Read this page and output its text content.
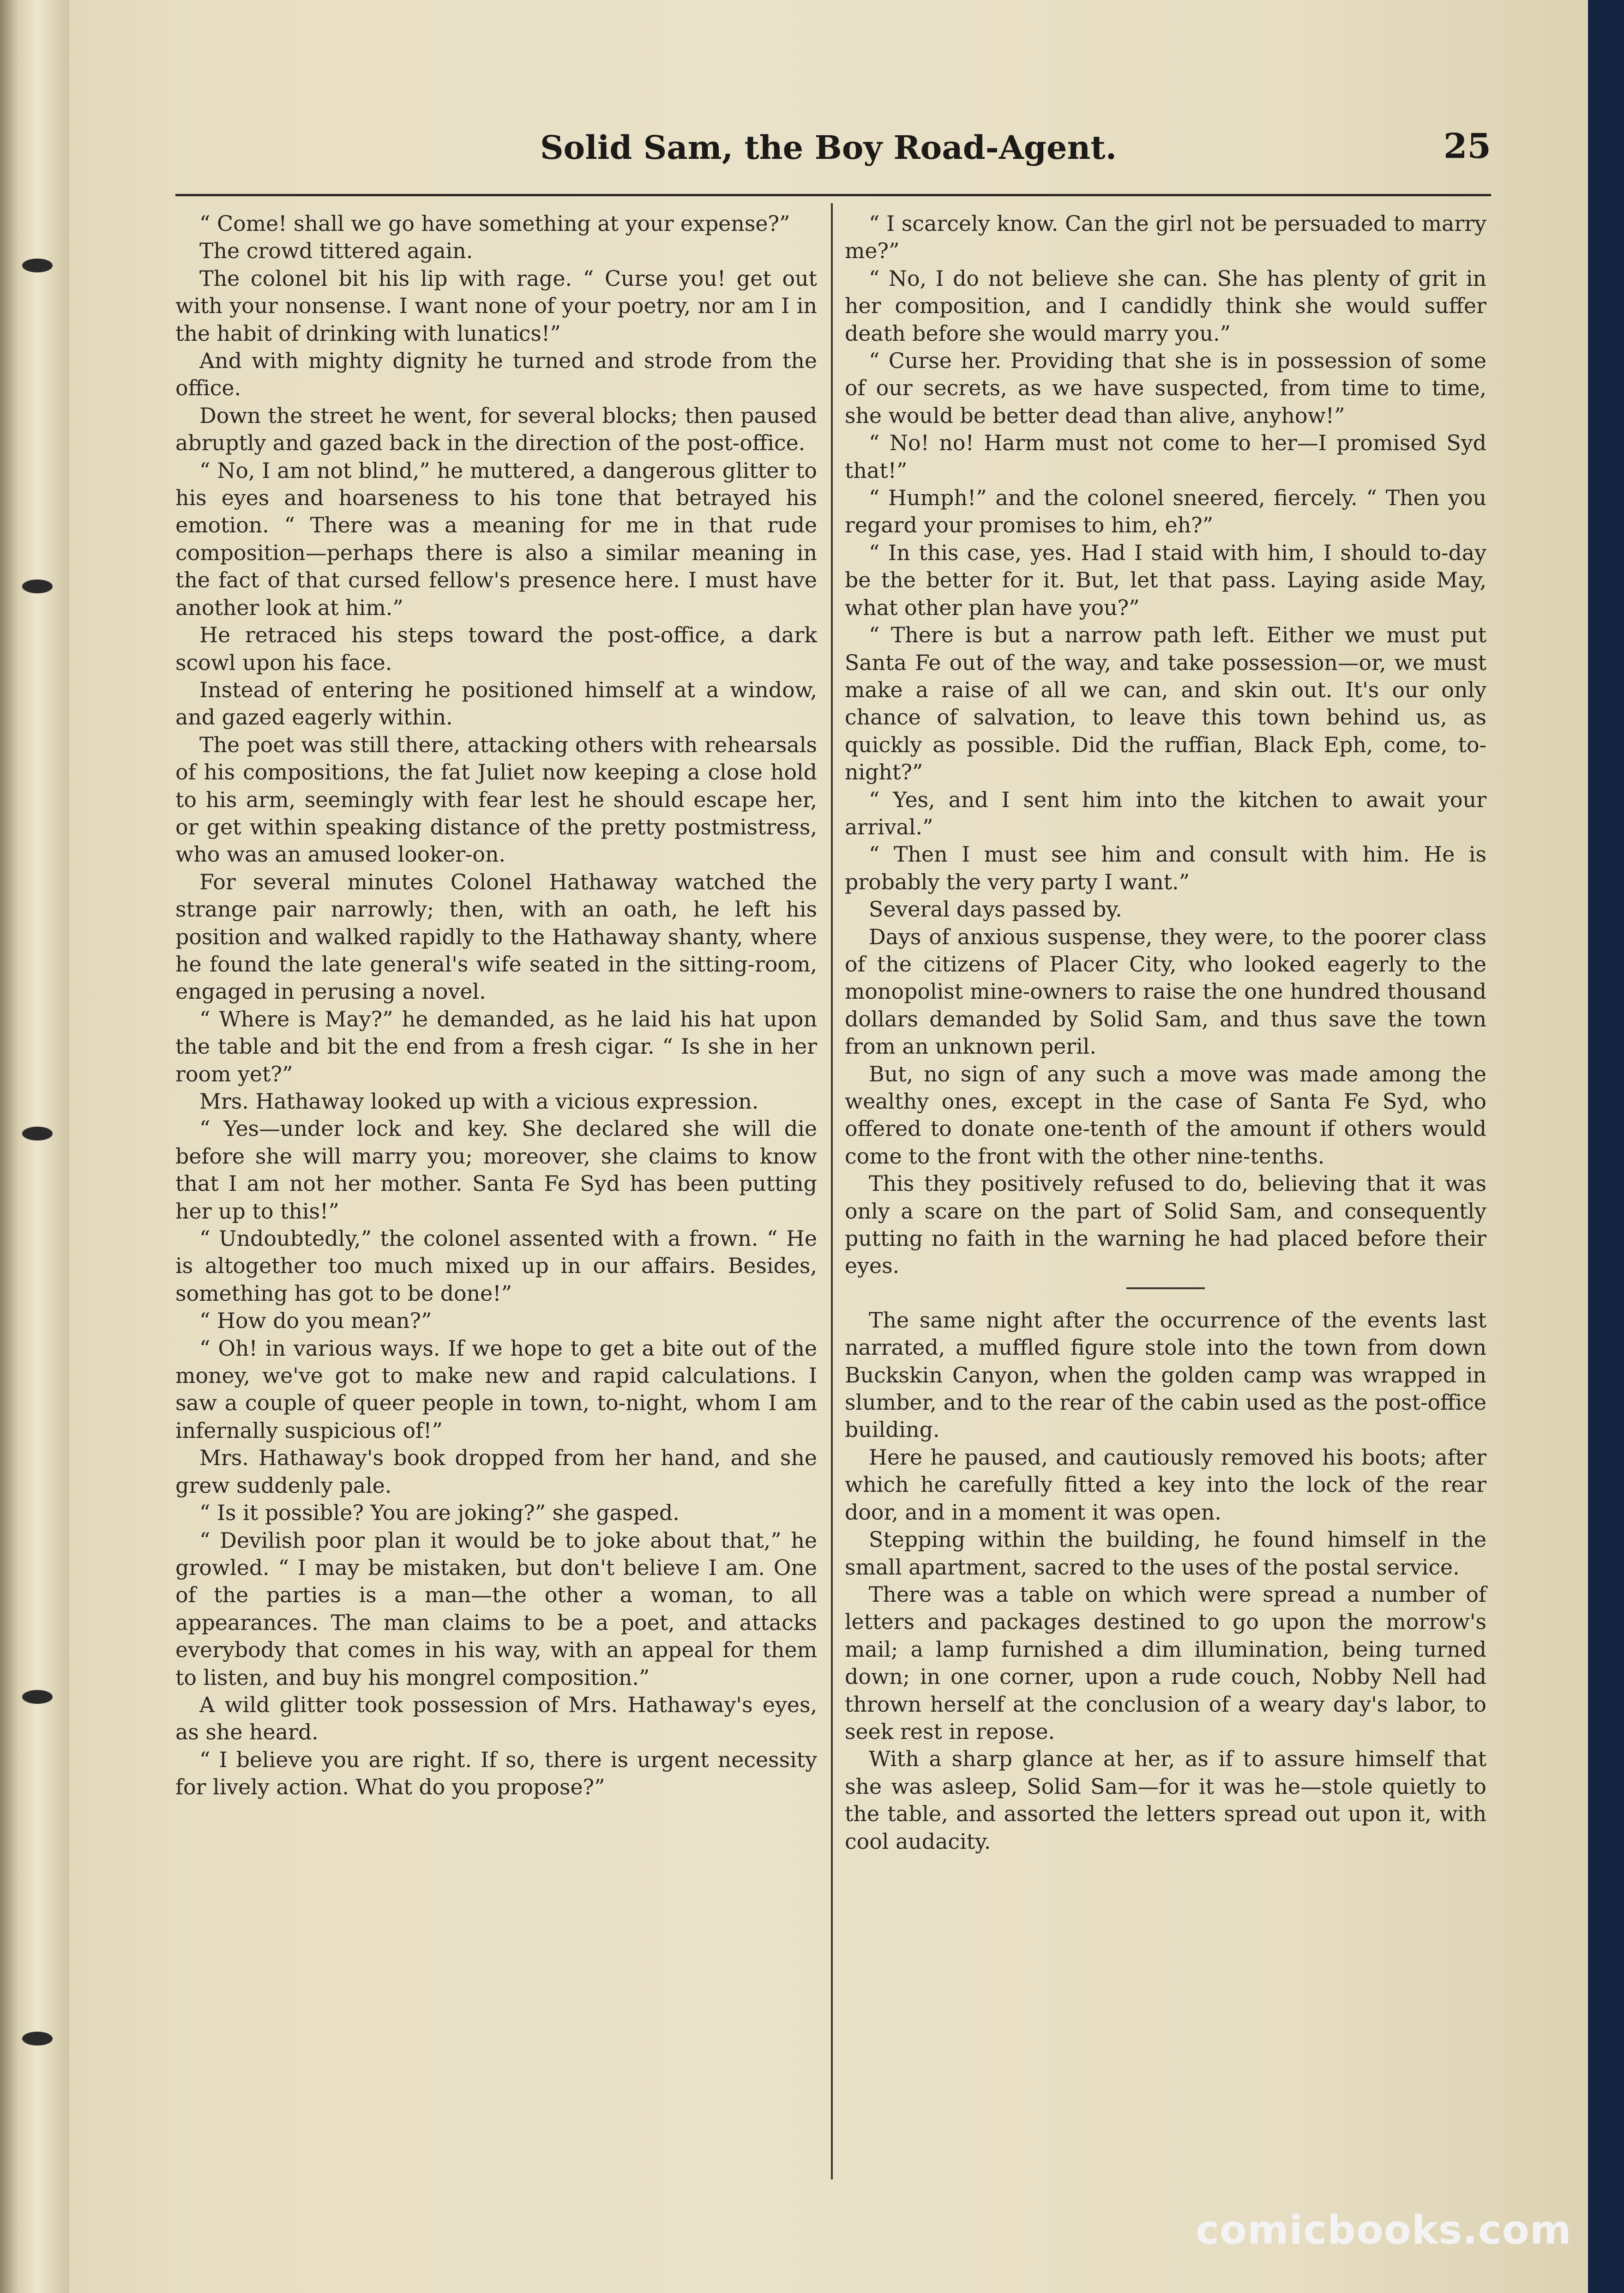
Solid Sam, the Boy Road-Agent.	25

“ Come! shall we go have something at your expense?”

The crowd tittered again.

The colonel bit his lip with rage. “ Curse you! get out with your nonsense. I want none of your poetry, nor am I in the habit of drinking with lunatics!”

And with mighty dignity he turned and strode from the office.

Down the street he went, for several blocks; then paused abruptly and gazed back in the direction of the post-office.

“ No, I am not blind,” he muttered, a dangerous glitter to his eyes and hoarseness to his tone that betrayed his emotion. “ There was a meaning for me in that rude composition—perhaps there is also a similar meaning in the fact of that cursed fellow's presence here. I must have another look at him.”

He retraced his steps toward the post-office, a dark scowl upon his face.

Instead of entering he positioned himself at a window, and gazed eagerly within.

The poet was still there, attacking others with rehearsals of his compositions, the fat Juliet now keeping a close hold to his arm, seemingly with fear lest he should escape her, or get within speaking distance of the pretty postmistress, who was an amused looker-on.

For several minutes Colonel Hathaway watched the strange pair narrowly; then, with an oath, he left his position and walked rapidly to the Hathaway shanty, where he found the late general's wife seated in the sitting-room, engaged in perusing a novel.

“ Where is May?” he demanded, as he laid his hat upon the table and bit the end from a fresh cigar. “ Is she in her room yet?”

Mrs. Hathaway looked up with a vicious expression.

“ Yes—under lock and key. She declared she will die before she will marry you; moreover, she claims to know that I am not her mother. Santa Fe Syd has been putting her up to this!”

“ Undoubtedly,” the colonel assented with a frown. “ He is altogether too much mixed up in our affairs. Besides, something has got to be done!”

“ How do you mean?”

“ Oh! in various ways. If we hope to get a bite out of the money, we've got to make new and rapid calculations. I saw a couple of queer people in town, to-night, whom I am infernally suspicious of!”

Mrs. Hathaway's book dropped from her hand, and she grew suddenly pale.

“ Is it possible? You are joking?” she gasped.

“ Devilish poor plan it would be to joke about that,” he growled. “ I may be mistaken, but don't believe I am. One of the parties is a man—the other a woman, to all appearances. The man claims to be a poet, and attacks everybody that comes in his way, with an appeal for them to listen, and buy his mongrel composition.”

A wild glitter took possession of Mrs. Hathaway's eyes, as she heard.

“ I believe you are right. If so, there is urgent necessity for lively action. What do you propose?”

“ I scarcely know. Can the girl not be persuaded to marry me?”

“ No, I do not believe she can. She has plenty of grit in her composition, and I candidly think she would suffer death before she would marry you.”

“ Curse her. Providing that she is in possession of some of our secrets, as we have suspected, from time to time, she would be better dead than alive, anyhow!”

“ No! no! Harm must not come to her—I promised Syd that!”

“ Humph!” and the colonel sneered, fiercely. “ Then you regard your promises to him, eh?”

“ In this case, yes. Had I staid with him, I should to-day be the better for it. But, let that pass. Laying aside May, what other plan have you?”

“ There is but a narrow path left. Either we must put Santa Fe out of the way, and take possession—or, we must make a raise of all we can, and skin out. It's our only chance of salvation, to leave this town behind us, as quickly as possible. Did the ruffian, Black Eph, come, to-night?”

“ Yes, and I sent him into the kitchen to await your arrival.”

“ Then I must see him and consult with him. He is probably the very party I want.”

Several days passed by.

Days of anxious suspense, they were, to the poorer class of the citizens of Placer City, who looked eagerly to the monopolist mine-owners to raise the one hundred thousand dollars demanded by Solid Sam, and thus save the town from an unknown peril.

But, no sign of any such a move was made among the wealthy ones, except in the case of Santa Fe Syd, who offered to donate one-tenth of the amount if others would come to the front with the other nine-tenths.

This they positively refused to do, believing that it was only a scare on the part of Solid Sam, and consequently putting no faith in the warning he had placed before their eyes.

The same night after the occurrence of the events last narrated, a muffled figure stole into the town from down Buckskin Canyon, when the golden camp was wrapped in slumber, and to the rear of the cabin used as the post-office building.

Here he paused, and cautiously removed his boots; after which he carefully fitted a key into the lock of the rear door, and in a moment it was open.

Stepping within the building, he found himself in the small apartment, sacred to the uses of the postal service.

There was a table on which were spread a number of letters and packages destined to go upon the morrow's mail; a lamp furnished a dim illumination, being turned down; in one corner, upon a rude couch, Nobby Nell had thrown herself at the conclusion of a weary day's labor, to seek rest in repose.

With a sharp glance at her, as if to assure himself that she was asleep, Solid Sam—for it was he—stole quietly to the table, and assorted the letters spread out upon it, with cool audacity.

comicbooks.com
